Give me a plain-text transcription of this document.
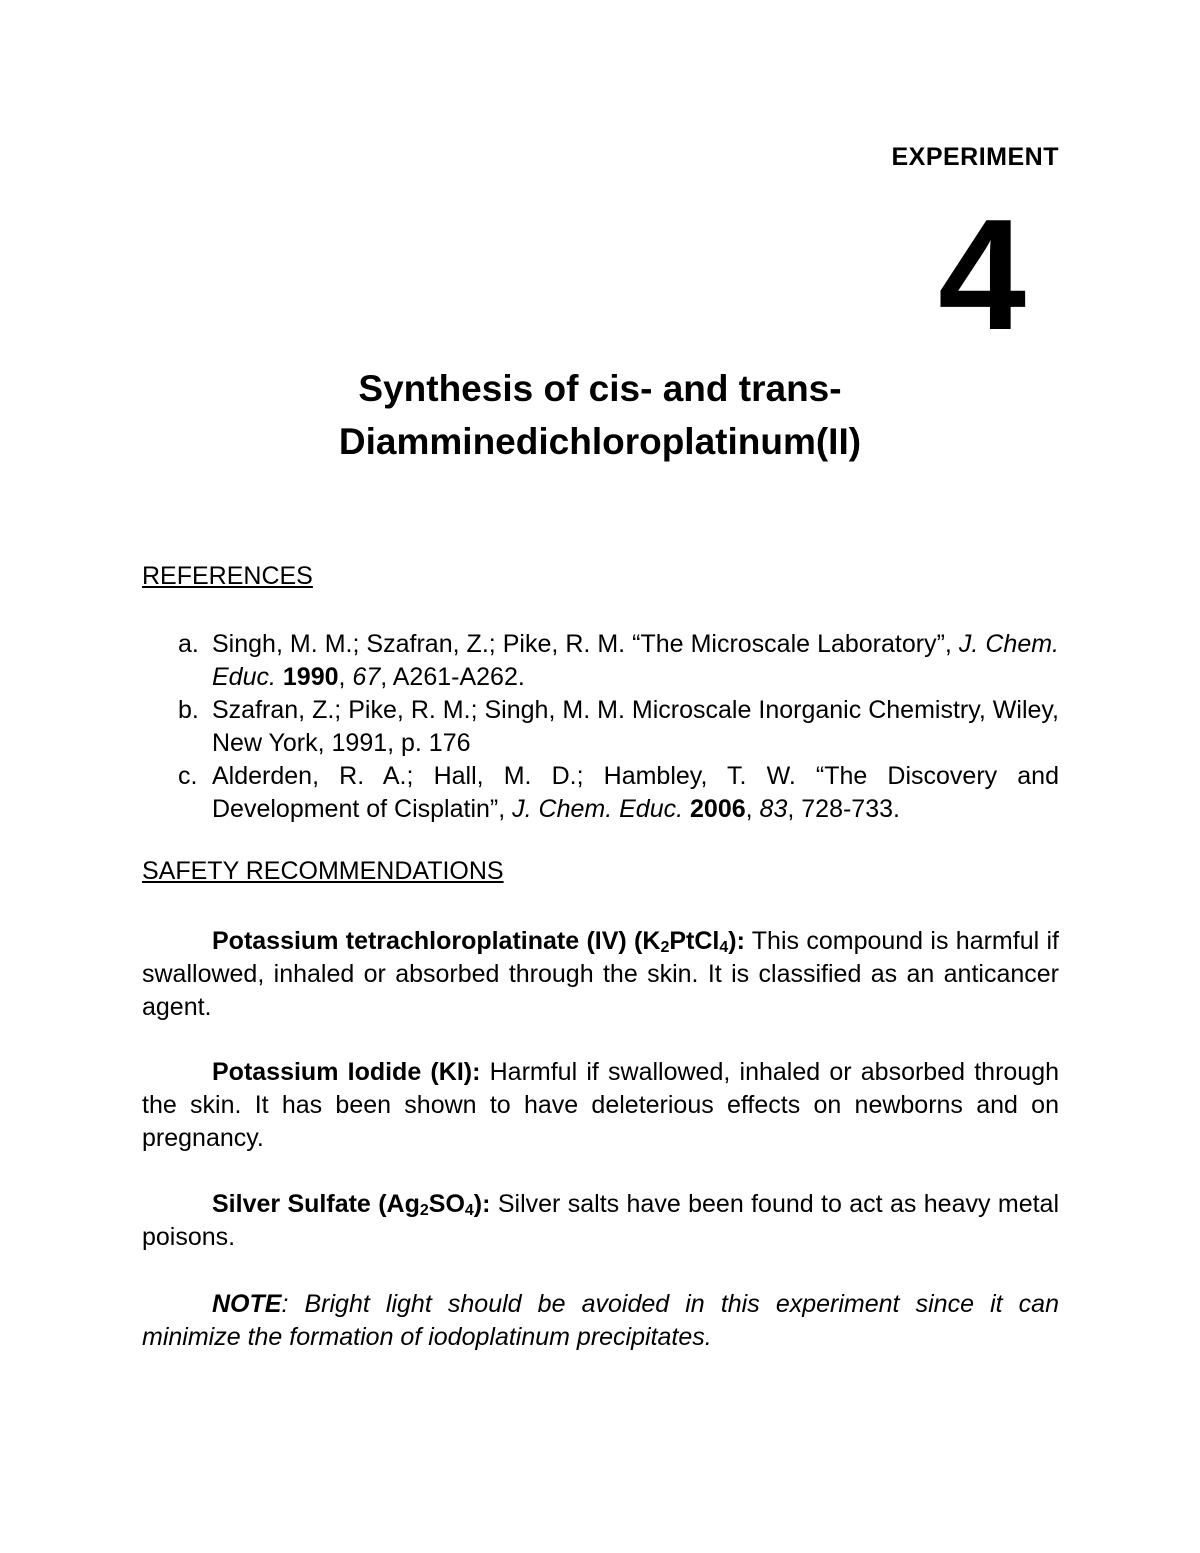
EXPERIMENT
4
Synthesis of cis- and trans-
Diamminedichloroplatinum(II)
REFERENCES
a. Singh, M. M.; Szafran, Z.; Pike, R. M. “The Microscale Laboratory”, J. Chem. Educ. 1990, 67, A261-A262.
b. Szafran, Z.; Pike, R. M.; Singh, M. M. Microscale Inorganic Chemistry, Wiley, New York, 1991, p. 176
c. Alderden, R. A.; Hall, M. D.; Hambley, T. W. “The Discovery and Development of Cisplatin”, J. Chem. Educ. 2006, 83, 728-733.
SAFETY RECOMMENDATIONS
Potassium tetrachloroplatinate (IV) $(K_2PtCl_4)$: This compound is harmful if swallowed, inhaled or absorbed through the skin. It is classified as an anticancer agent.
Potassium Iodide (KI): Harmful if swallowed, inhaled or absorbed through the skin. It has been shown to have deleterious effects on newborns and on pregnancy.
Silver Sulfate $(Ag_2SO_4)$: Silver salts have been found to act as heavy metal poisons.
NOTE: Bright light should be avoided in this experiment since it can minimize the formation of iodoplatinum precipitates.
